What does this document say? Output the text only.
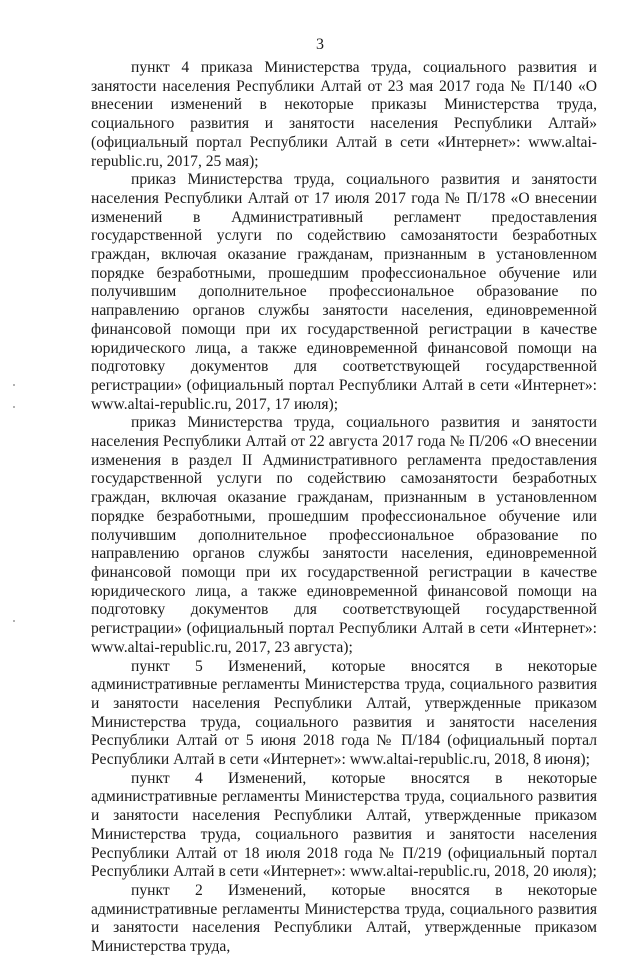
3

пункт 4 приказа Министерства труда, социального развития и занятости населения Республики Алтай от 23 мая 2017 года № П/140 «О внесении изменений в некоторые приказы Министерства труда, социального развития и занятости населения Республики Алтай» (официальный портал Республики Алтай в сети «Интернет»: www.altai-republic.ru, 2017, 25 мая);

приказ Министерства труда, социального развития и занятости населения Республики Алтай от 17 июля 2017 года № П/178 «О внесении изменений в Административный регламент предоставления государственной услуги по содействию самозанятости безработных граждан, включая оказание гражданам, признанным в установленном порядке безработными, прошедшим профессиональное обучение или получившим дополнительное профессиональное образование по направлению органов службы занятости населения, единовременной финансовой помощи при их государственной регистрации в качестве юридического лица, а также единовременной финансовой помощи на подготовку документов для соответствующей государственной регистрации» (официальный портал Республики Алтай в сети «Интернет»: www.altai-republic.ru, 2017, 17 июля);

приказ Министерства труда, социального развития и занятости населения Республики Алтай от 22 августа 2017 года № П/206 «О внесении изменения в раздел II Административного регламента предоставления государственной услуги по содействию самозанятости безработных граждан, включая оказание гражданам, признанным в установленном порядке безработными, прошедшим профессиональное обучение или получившим дополнительное профессиональное образование по направлению органов службы занятости населения, единовременной финансовой помощи при их государственной регистрации в качестве юридического лица, а также единовременной финансовой помощи на подготовку документов для соответствующей государственной регистрации» (официальный портал Республики Алтай в сети «Интернет»: www.altai-republic.ru, 2017, 23 августа);

пункт 5 Изменений, которые вносятся в некоторые административные регламенты Министерства труда, социального развития и занятости населения Республики Алтай, утвержденные приказом Министерства труда, социального развития и занятости населения Республики Алтай от 5 июня 2018 года № П/184 (официальный портал Республики Алтай в сети «Интернет»: www.altai-republic.ru, 2018, 8 июня);

пункт 4 Изменений, которые вносятся в некоторые административные регламенты Министерства труда, социального развития и занятости населения Республики Алтай, утвержденные приказом Министерства труда, социального развития и занятости населения Республики Алтай от 18 июля 2018 года № П/219 (официальный портал Республики Алтай в сети «Интернет»: www.altai-republic.ru, 2018, 20 июля);

пункт 2 Изменений, которые вносятся в некоторые административные регламенты Министерства труда, социального развития и занятости населения Республики Алтай, утвержденные приказом Министерства труда,
